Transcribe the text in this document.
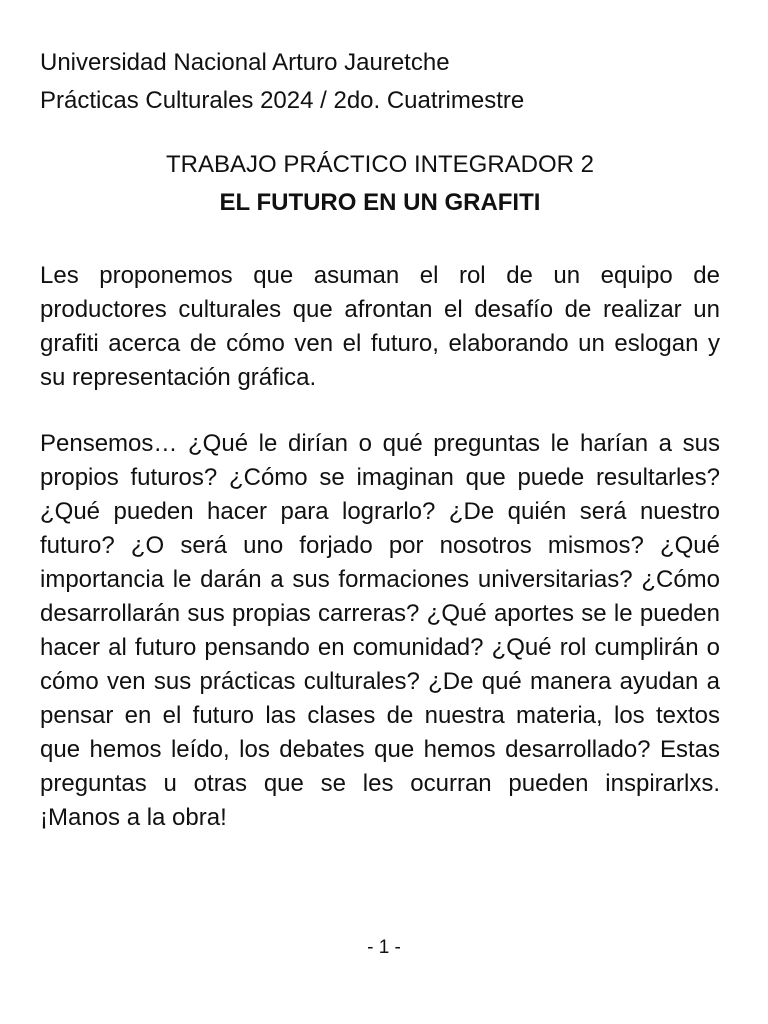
Universidad Nacional Arturo Jauretche

Prácticas Culturales 2024 / 2do. Cuatrimestre

TRABAJO PRÁCTICO INTEGRADOR 2

EL FUTURO EN UN GRAFITI

Les proponemos que asuman el rol de un equipo de productores culturales que afrontan el desafío de realizar un grafiti acerca de cómo ven el futuro, elaborando un eslogan y su representación gráfica.

Pensemos… ¿Qué le dirían o qué preguntas le harían a sus propios futuros? ¿Cómo se imaginan que puede resultarles? ¿Qué pueden hacer para lograrlo? ¿De quién será nuestro futuro? ¿O será uno forjado por nosotros mismos? ¿Qué importancia le darán a sus formaciones universitarias? ¿Cómo desarrollarán sus propias carreras? ¿Qué aportes se le pueden hacer al futuro pensando en comunidad? ¿Qué rol cumplirán o cómo ven sus prácticas culturales? ¿De qué manera ayudan a pensar en el futuro las clases de nuestra materia, los textos que hemos leído, los debates que hemos desarrollado? Estas preguntas u otras que se les ocurran pueden inspirarlxs. ¡Manos a la obra!

- 1 -
